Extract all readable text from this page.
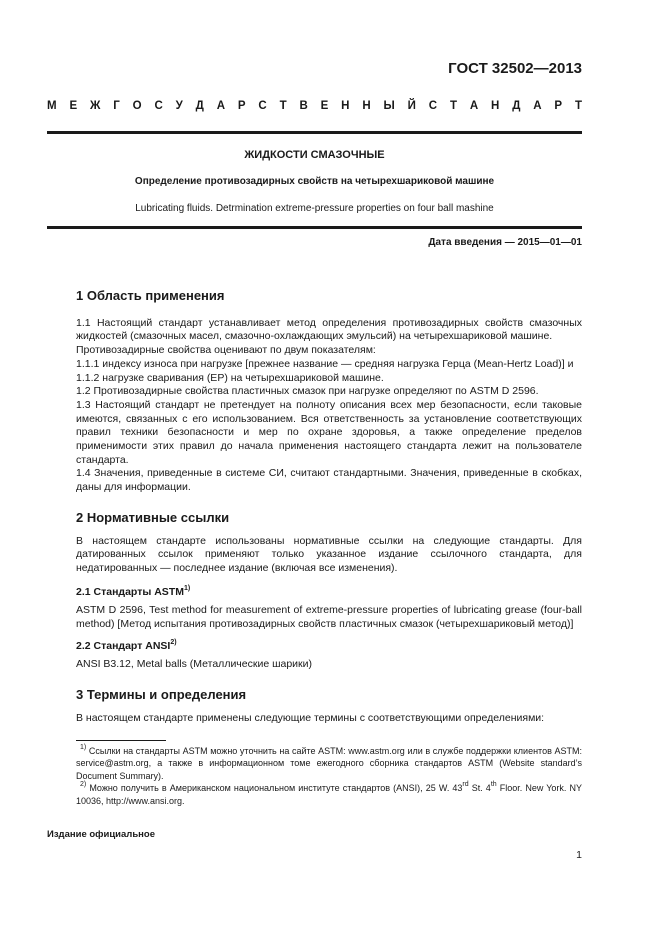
ГОСТ 32502—2013
М Е Ж Г О С У Д А Р С Т В Е Н Н Ы Й С Т А Н Д А Р Т
ЖИДКОСТИ СМАЗОЧНЫЕ
Определение противозадирных свойств на четырехшариковой машине
Lubricating fluids. Detrmination extreme-pressure properties on four ball mashine
Дата введения — 2015—01—01
1 Область применения

1.1 Настоящий стандарт устанавливает метод определения противозадирных свойств смазочных жидкостей (смазочных масел, смазочно-охлаждающих эмульсий) на четырехшариковой машине.

Противозадирные свойства оценивают по двум показателям:

1.1.1 индексу износа при нагрузке [прежнее название — средняя нагрузка Герца (Mean-Hertz Load)] и

1.1.2 нагрузке сваривания (EP) на четырехшариковой машине.

1.2 Противозадирные свойства пластичных смазок при нагрузке определяют по ASTM D 2596.

1.3 Настоящий стандарт не претендует на полноту описания всех мер безопасности, если таковые имеются, связанных с его использованием. Вся ответственность за установление соответствующих правил техники безопасности и мер по охране здоровья, а также определение пределов применимости этих правил до начала применения настоящего стандарта лежит на пользователе стандарта.

1.4 Значения, приведенные в системе СИ, считают стандартными. Значения, приведенные в скобках, даны для информации.

2 Нормативные ссылки

В настоящем стандарте использованы нормативные ссылки на следующие стандарты. Для датированных ссылок применяют только указанное издание ссылочного стандарта, для недатированных — последнее издание (включая все изменения).

2.1 Стандарты ASTM$^{1)}$

ASTM D 2596, Test method for measurement of extreme-pressure properties of lubricating grease (four-ball method) [Метод испытания противозадирных свойств пластичных смазок (четырехшариковый метод)]

2.2 Стандарт ANSI$^{2)}$

ANSI B3.12, Metal balls (Металлические шарики)

3 Термины и определения

В настоящем стандарте применены следующие термины с соответствующими определениями:

$^{1)}$ Ссылки на стандарты ASTM можно уточнить на сайте ASTM: www.astm.org или в службе поддержки клиентов ASTM: service@astm.org, а также в информационном томе ежегодного сборника стандартов ASTM (Website standard’s Document Summary).

$^{2)}$ Можно получить в Американском национальном институте стандартов (ANSI), 25 W. 43rd St. 4th Floor. New York. NY 10036, http://www.ansi.org.

Издание официальное
1
